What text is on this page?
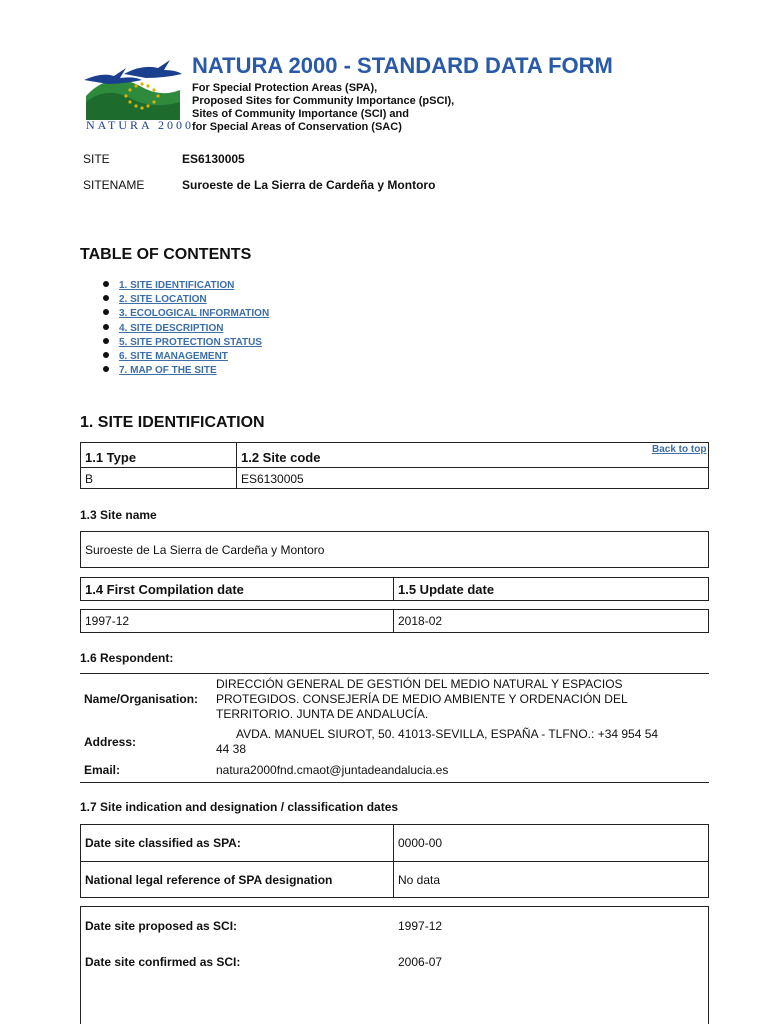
NATURA 2000
NATURA 2000 - STANDARD DATA FORM
For Special Protection Areas (SPA),
Proposed Sites for Community Importance (pSCI),
Sites of Community Importance (SCI) and
for Special Areas of Conservation (SAC)
SITE	ES6130005
SITENAME	Suroeste de La Sierra de Cardeña y Montoro
TABLE OF CONTENTS
1. SITE IDENTIFICATION
2. SITE LOCATION
3. ECOLOGICAL INFORMATION
4. SITE DESCRIPTION
5. SITE PROTECTION STATUS
6. SITE MANAGEMENT
7. MAP OF THE SITE
1. SITE IDENTIFICATION
Back to top
1.1 Type	1.2 Site code
B	ES6130005
1.3 Site name
Suroeste de La Sierra de Cardeña y Montoro
1.4 First Compilation date	1.5 Update date
1997-12	2018-02
1.6 Respondent:
Name/Organisation:
DIRECCIÓN GENERAL DE GESTIÓN DEL MEDIO NATURAL Y ESPACIOS
PROTEGIDOS. CONSEJERÍA DE MEDIO AMBIENTE Y ORDENACIÓN DEL
TERRITORIO. JUNTA DE ANDALUCÍA.
Address:
AVDA. MANUEL SIUROT, 50. 41013-SEVILLA, ESPAÑA - TLFNO.: +34 954 54
44 38
Email:	natura2000fnd.cmaot@juntadeandalucia.es
1.7 Site indication and designation / classification dates
Date site classified as SPA:	0000-00
National legal reference of SPA designation	No data
Date site proposed as SCI:	1997-12
Date site confirmed as SCI:	2006-07
